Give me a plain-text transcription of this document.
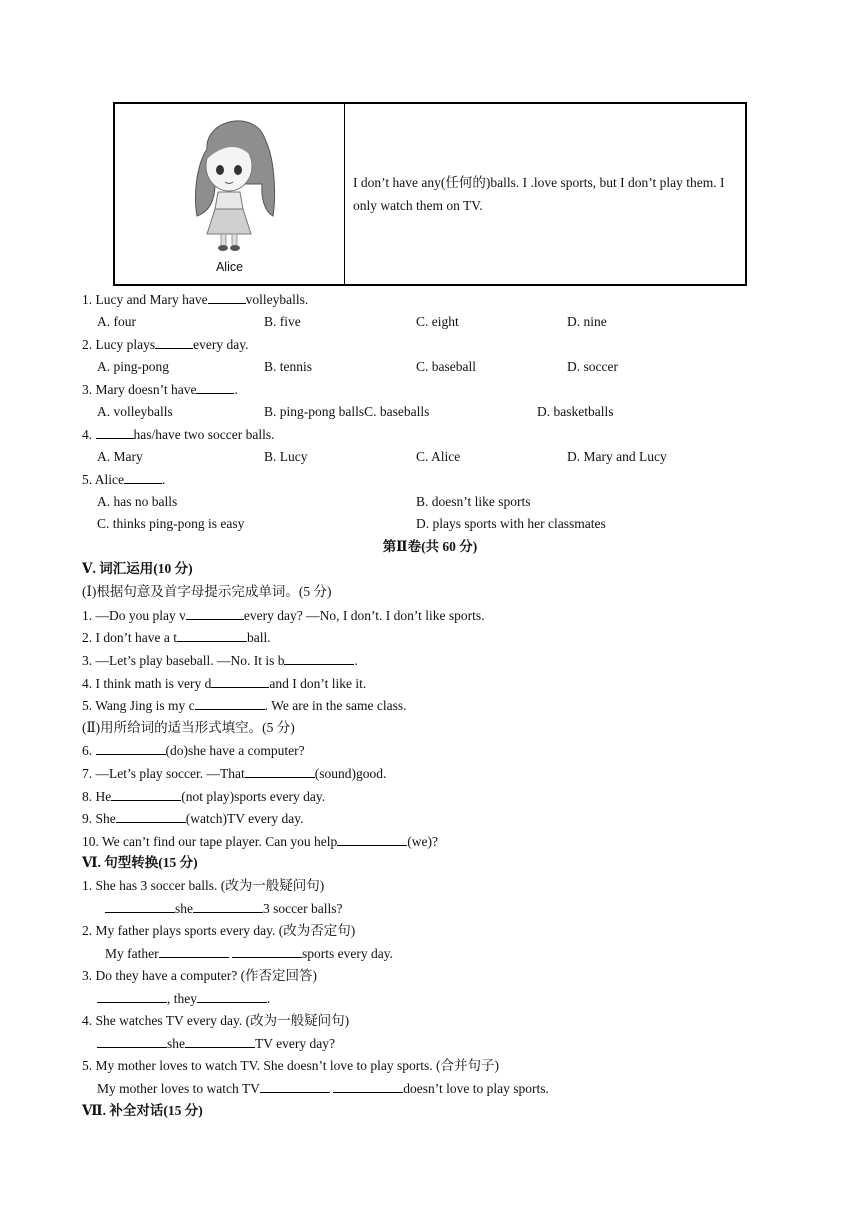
Alice
I don’t have any(任何的)balls. I .love sports, but I don’t play them. I only watch them on TV.
1. Lucy and Mary have	volleyballs.
A. four	B. five	C. eight	D. nine
2. Lucy plays	every day.
A. ping-pong	B. tennis	C. baseball	D. soccer
3. Mary doesn’t have	.
A. volleyballs	B. ping-pong ballsC. baseballs	D. basketballs
4.	has/have two soccer balls.
A. Mary	B. Lucy	C. Alice	D. Mary and Lucy
5. Alice	.
A. has no balls	B. doesn’t like sports
C. thinks ping-pong is easy	D. plays sports with her classmates
第Ⅱ卷(共 60 分)
Ⅴ. 词汇运用(10 分)
(Ⅰ)根据句意及首字母提示完成单词。(5 分)
1. —Do you play v	every day? —No, I don’t. I don’t like sports.
2. I don’t have a t	ball.
3. —Let’s play baseball. —No. It is b	.
4. I think math is very d	and I don’t like it.
5. Wang Jing is my c	. We are in the same class.
(Ⅱ)用所给词的适当形式填空。(5 分)
6.	(do)she have a computer?
7. —Let’s play soccer. —That	(sound)good.
8. He	(not play)sports every day.
9. She	(watch)TV every day.
10. We can’t find our tape player. Can you help	(we)?
Ⅵ. 句型转换(15 分)
1. She has 3 soccer balls. (改为一般疑问句)
she	3 soccer balls?
2. My father plays sports every day. (改为否定句)
My father	sports every day.
3. Do they have a computer? (作否定回答)
, they	.
4. She watches TV every day. (改为一般疑问句)
she	TV every day?
5. My mother loves to watch TV. She doesn’t love to play sports. (合并句子)
My mother loves to watch TV	doesn’t love to play sports.
Ⅶ. 补全对话(15 分)
